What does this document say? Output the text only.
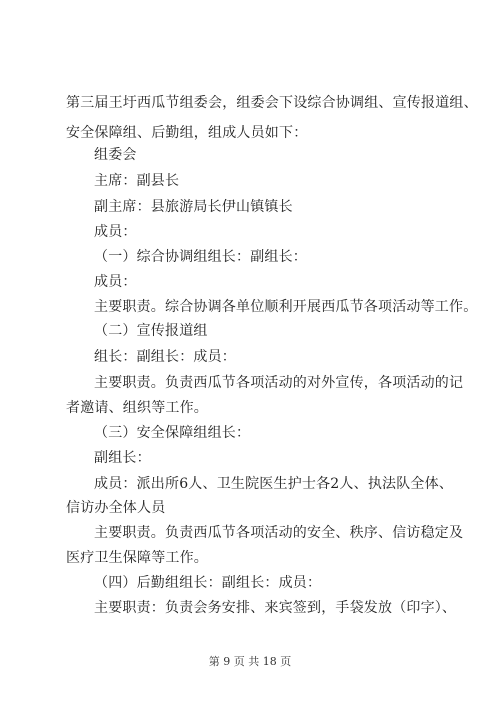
第三届王圩西瓜节组委会，组委会下设综合协调组、宣传报道组、
安全保障组、后勤组，组成人员如下：
组委会
主席：副县长
副主席：县旅游局长伊山镇镇长
成员：
（一）综合协调组组长：副组长：
成员：
主要职责。综合协调各单位顺利开展西瓜节各项活动等工作。
（二）宣传报道组
组长：副组长：成员：
主要职责。负责西瓜节各项活动的对外宣传，各项活动的记
者邀请、组织等工作。
（三）安全保障组组长：
副组长：
成员：派出所6人、卫生院医生护士各2人、执法队全体、
信访办全体人员
主要职责。负责西瓜节各项活动的安全、秩序、信访稳定及
医疗卫生保障等工作。
（四）后勤组组长：副组长：成员：
主要职责：负责会务安排、来宾签到，手袋发放（印字）、
第 9 页 共 18 页
